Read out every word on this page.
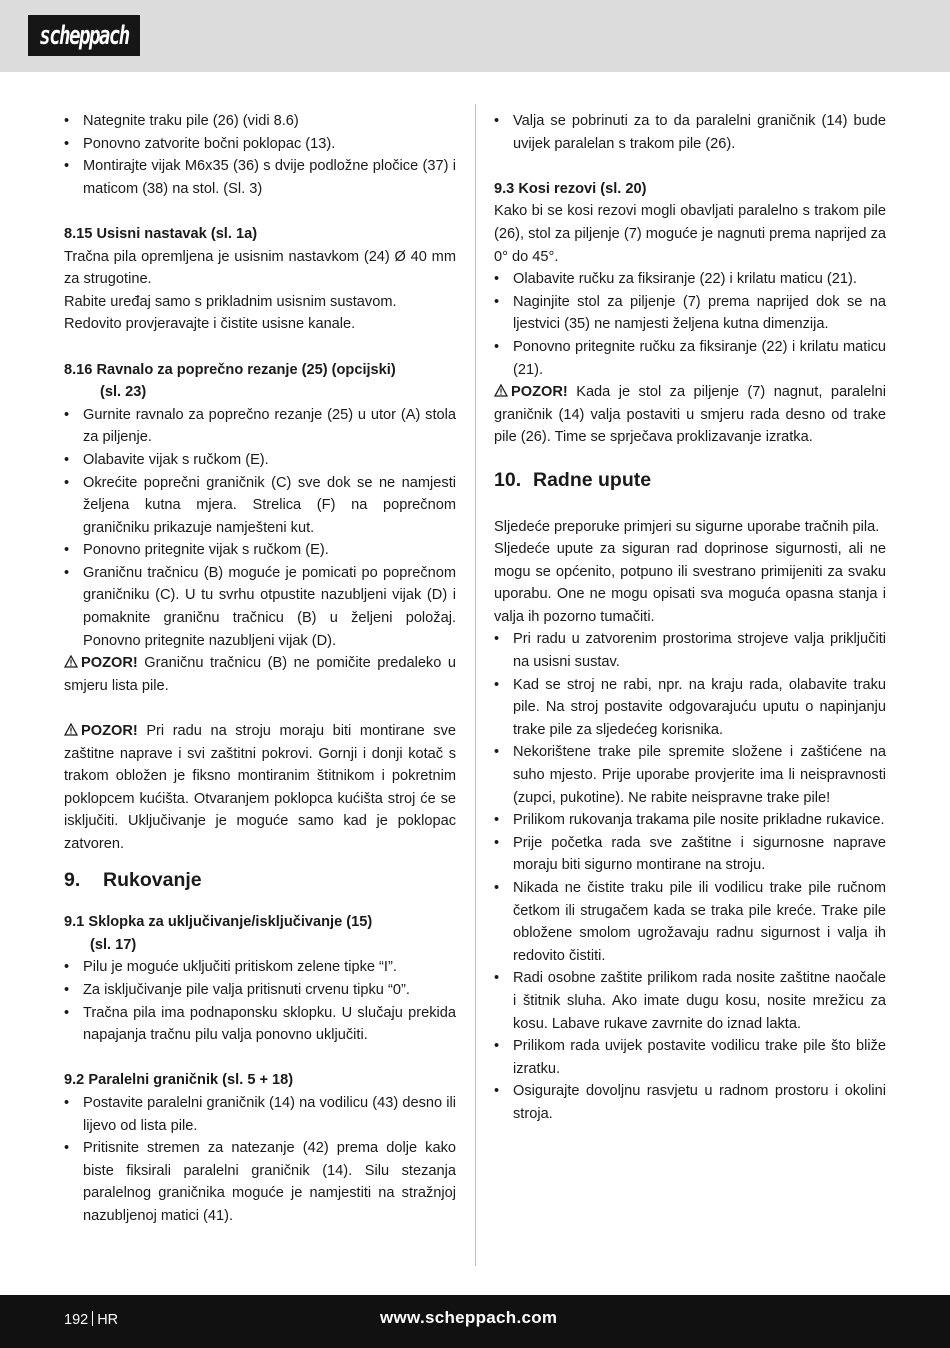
scheppach
• Nategnite traku pile (26) (vidi 8.6)
• Ponovno zatvorite bočni poklopac (13).
• Montirajte vijak M6x35 (36) s dvije podložne pločice (37) i maticom (38) na stol. (Sl. 3)

8.15 Usisni nastavak (sl. 1a)

Tračna pila opremljena je usisnim nastavkom (24) Ø 40 mm za strugotine.

Rabite uređaj samo s prikladnim usisnim sustavom. Redovito provjeravajte i čistite usisne kanale.

8.16 Ravnalo za poprečno rezanje (25) (opcijski)
(sl. 23)

• Gurnite ravnalo za poprečno rezanje (25) u utor (A) stola za piljenje.
• Olabavite vijak s ručkom (E).
• Okrećite poprečni graničnik (C) sve dok se ne namjesti željena kutna mjera. Strelica (F) na poprečnom graničniku prikazuje namješteni kut.
• Ponovno pritegnite vijak s ručkom (E).
• Graničnu tračnicu (B) moguće je pomicati po poprečnom graničniku (C). U tu svrhu otpustite nazubljeni vijak (D) i pomaknite graničnu tračnicu (B) u željeni položaj. Ponovno pritegnite nazubljeni vijak (D).

POZOR! Graničnu tračnicu (B) ne pomičite predaleko u smjeru lista pile.

POZOR! Pri radu na stroju moraju biti montirane sve zaštitne naprave i svi zaštitni pokrovi. Gornji i donji kotač s trakom obložen je fiksno montiranim štitnikom i pokretnim poklopcem kućišta. Otvaranjem poklopca kućišta stroj će se isključiti. Uključivanje je moguće samo kad je poklopac zatvoren.

9. Rukovanje

9.1 Sklopka za uključivanje/isključivanje (15)
(sl. 17)

• Pilu je moguće uključiti pritiskom zelene tipke “I”.
• Za isključivanje pile valja pritisnuti crvenu tipku “0”.
• Tračna pila ima podnaponsku sklopku. U slučaju prekida napajanja tračnu pilu valja ponovno uključiti.

9.2 Paralelni graničnik (sl. 5 + 18)

• Postavite paralelni graničnik (14) na vodilicu (43) desno ili lijevo od lista pile.
• Pritisnite stremen za natezanje (42) prema dolje kako biste fiksirali paralelni graničnik (14). Silu stezanja paralelnog graničnika moguće je namjestiti na stražnjoj nazubljenoj matici (41).
• Valja se pobrinuti za to da paralelni graničnik (14) bude uvijek paralelan s trakom pile (26).

9.3 Kosi rezovi (sl. 20)

Kako bi se kosi rezovi mogli obavljati paralelno s trakom pile (26), stol za piljenje (7) moguće je nagnuti prema naprijed za 0° do 45°.

• Olabavite ručku za fiksiranje (22) i krilatu maticu (21).
• Naginjite stol za piljenje (7) prema naprijed dok se na ljestvici (35) ne namjesti željena kutna dimenzija.
• Ponovno pritegnite ručku za fiksiranje (22) i krilatu maticu (21).

POZOR! Kada je stol za piljenje (7) nagnut, paralelni graničnik (14) valja postaviti u smjeru rada desno od trake pile (26). Time se sprječava proklizavanje izratka.

10. Radne upute

Sljedeće preporuke primjeri su sigurne uporabe tračnih pila.

Sljedeće upute za siguran rad doprinose sigurnosti, ali ne mogu se općenito, potpuno ili svestrano primijeniti za svaku uporabu. One ne mogu opisati sva moguća opasna stanja i valja ih pozorno tumačiti.

• Pri radu u zatvorenim prostorima strojeve valja priključiti na usisni sustav.
• Kad se stroj ne rabi, npr. na kraju rada, olabavite traku pile. Na stroj postavite odgovarajuću uputu o napinjanju trake pile za sljedećeg korisnika.
• Nekorištene trake pile spremite složene i zaštićene na suho mjesto. Prije uporabe provjerite ima li neispravnosti (zupci, pukotine). Ne rabite neispravne trake pile!
• Prilikom rukovanja trakama pile nosite prikladne rukavice.
• Prije početka rada sve zaštitne i sigurnosne naprave moraju biti sigurno montirane na stroju.
• Nikada ne čistite traku pile ili vodilicu trake pile ručnom četkom ili strugačem kada se traka pile kreće. Trake pile obložene smolom ugrožavaju radnu sigurnost i valja ih redovito čistiti.
• Radi osobne zaštite prilikom rada nosite zaštitne naočale i štitnik sluha. Ako imate dugu kosu, nosite mrežicu za kosu. Labave rukave zavrnite do iznad lakta.
• Prilikom rada uvijek postavite vodilicu trake pile što bliže izratku.
• Osigurajte dovoljnu rasvjetu u radnom prostoru i okolini stroja.
192 HR	www.scheppach.com
